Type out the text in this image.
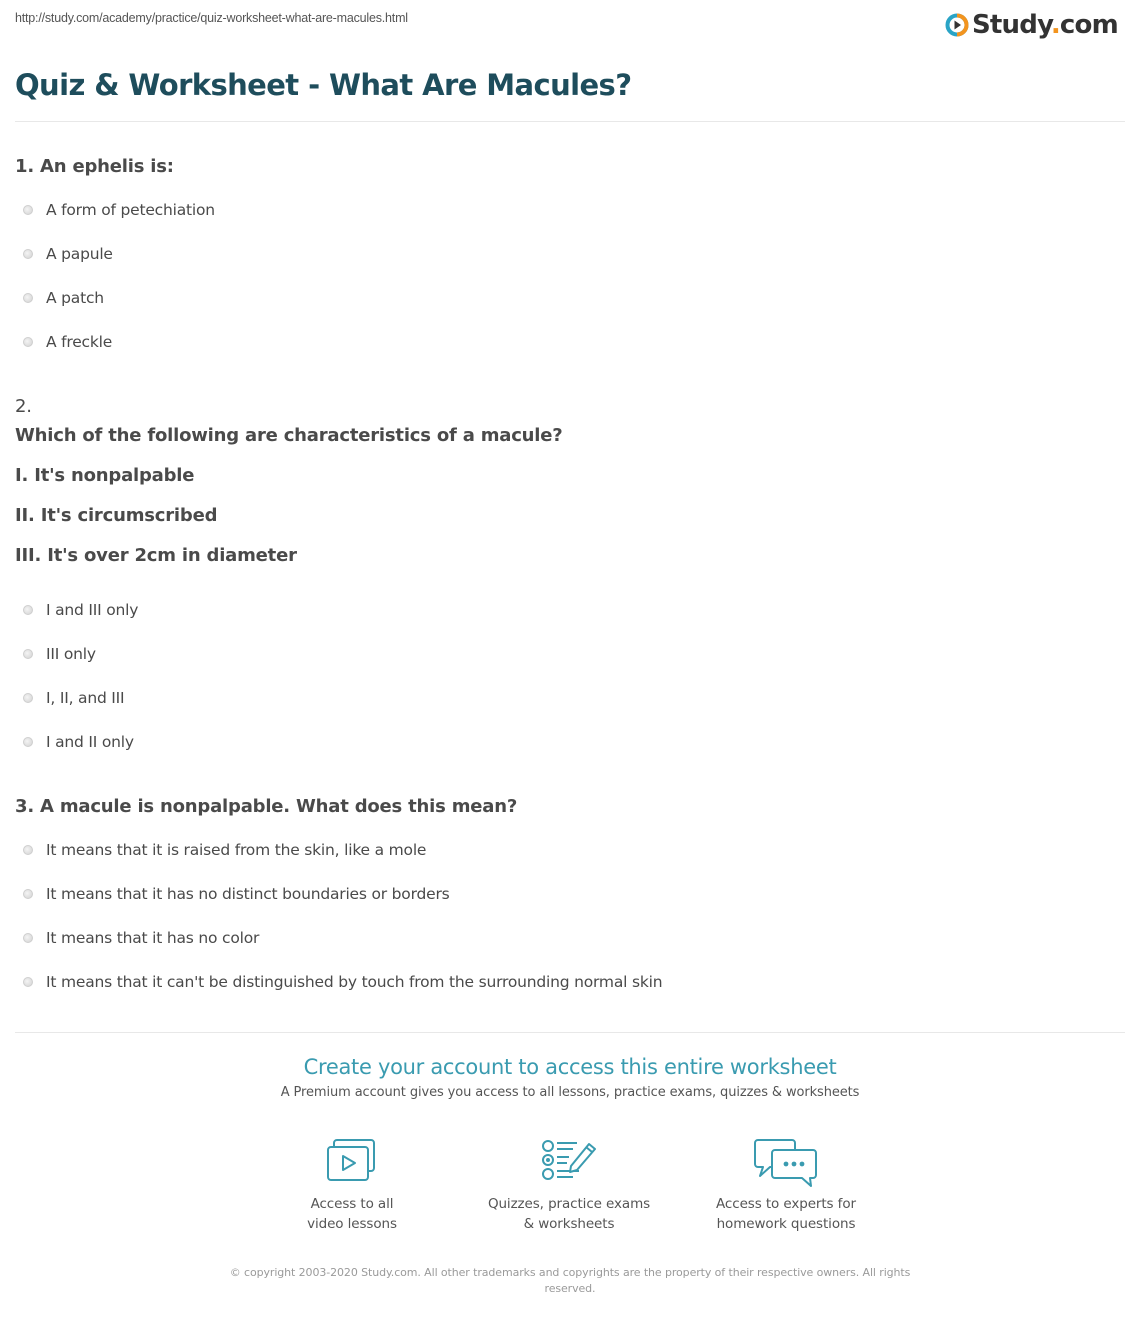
http://study.com/academy/practice/quiz-worksheet-what-are-macules.html	Study.com
Quiz & Worksheet - What Are Macules?
1. An ephelis is:
A form of petechiation
A papule
A patch
A freckle
2.
Which of the following are characteristics of a macule?
I. It's nonpalpable
II. It's circumscribed
III. It's over 2cm in diameter
I and III only
III only
I, II, and III
I and II only
3. A macule is nonpalpable. What does this mean?
It means that it is raised from the skin, like a mole
It means that it has no distinct boundaries or borders
It means that it has no color
It means that it can't be distinguished by touch from the surrounding normal skin
Create your account to access this entire worksheet
A Premium account gives you access to all lessons, practice exams, quizzes & worksheets
Access to all
video lessons
Quizzes, practice exams
& worksheets
Access to experts for
homework questions
© copyright 2003-2020 Study.com. All other trademarks and copyrights are the property of their respective owners. All rights reserved.
